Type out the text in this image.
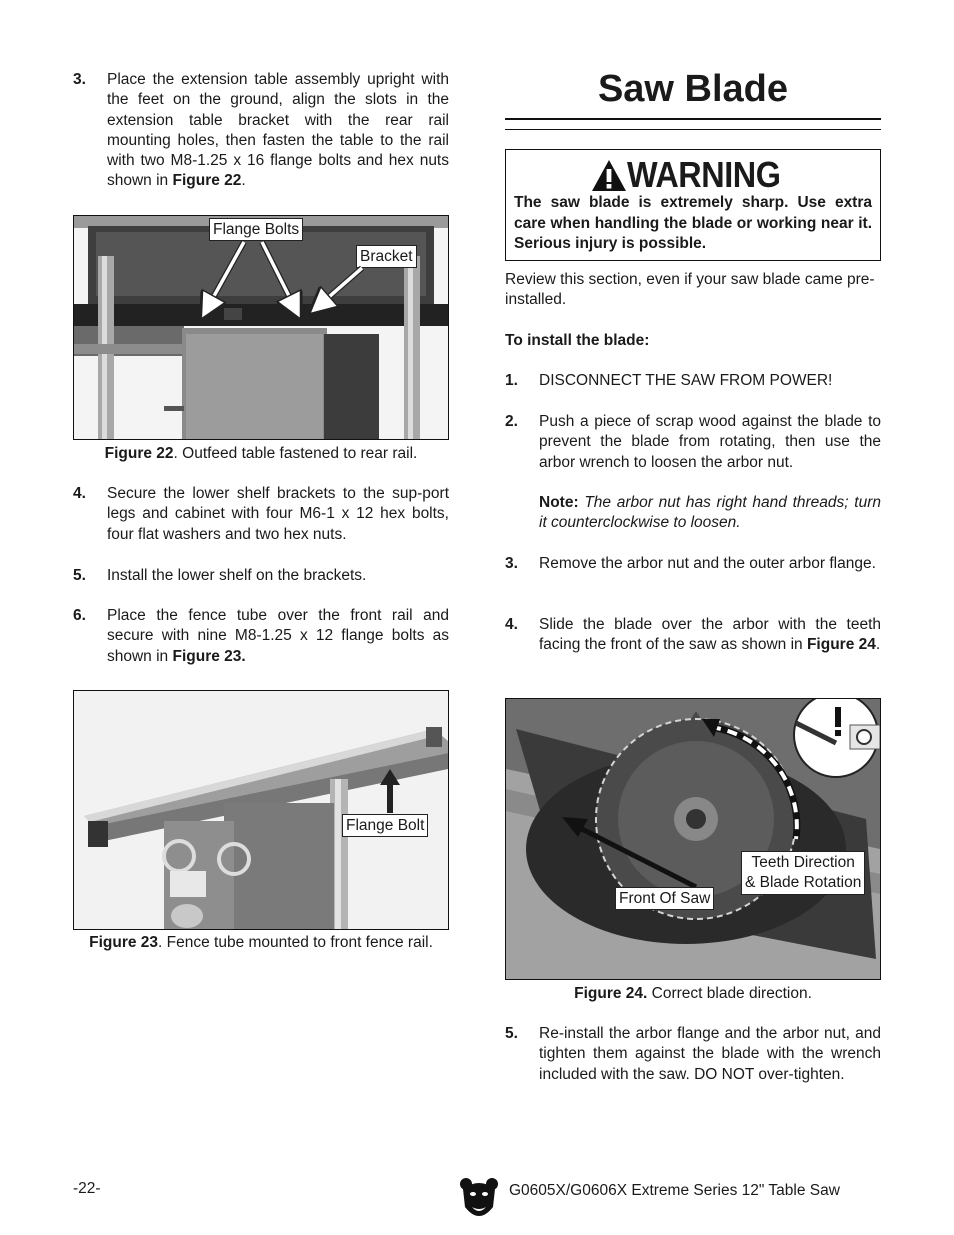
3.	Place the extension table assembly upright with the feet on the ground, align the slots in the extension table bracket with the rear rail mounting holes, then fasten the table to the rail with two M8-1.25 x 16 flange bolts and hex nuts shown in Figure 22.
Flange Bolts
Bracket
Figure 22. Outfeed table fastened to rear rail.
4.	Secure the lower shelf brackets to the sup-port legs and cabinet with four M6-1 x 12 hex bolts, four flat washers and two hex nuts.
5.	Install the lower shelf on the brackets.
6.	Place the fence tube over the front rail and secure with nine M8-1.25 x 12 flange bolts as shown in Figure 23.
Flange Bolt
Figure 23. Fence tube mounted to front fence rail.
Saw Blade
WARNING
The saw blade is extremely sharp. Use extra care when handling the blade or working near it. Serious injury is possible.
Review this section, even if your saw blade came pre-installed.
To install the blade:
1.	DISCONNECT THE SAW FROM POWER!
2.	Push a piece of scrap wood against the blade to prevent the blade from rotating, then use the arbor wrench to loosen the arbor nut.
Note: The arbor nut has right hand threads; turn it counterclockwise to loosen.
3.	Remove the arbor nut and the outer arbor flange.
4.	Slide the blade over the arbor with the teeth facing the front of the saw as shown in Figure 24.
Teeth Direction
& Blade Rotation
Front Of Saw
Figure 24. Correct blade direction.
5.	Re-install the arbor flange and the arbor nut, and tighten them against the blade with the wrench included with the saw. DO NOT over-tighten.
-22-	G0605X/G0606X Extreme Series 12" Table Saw
